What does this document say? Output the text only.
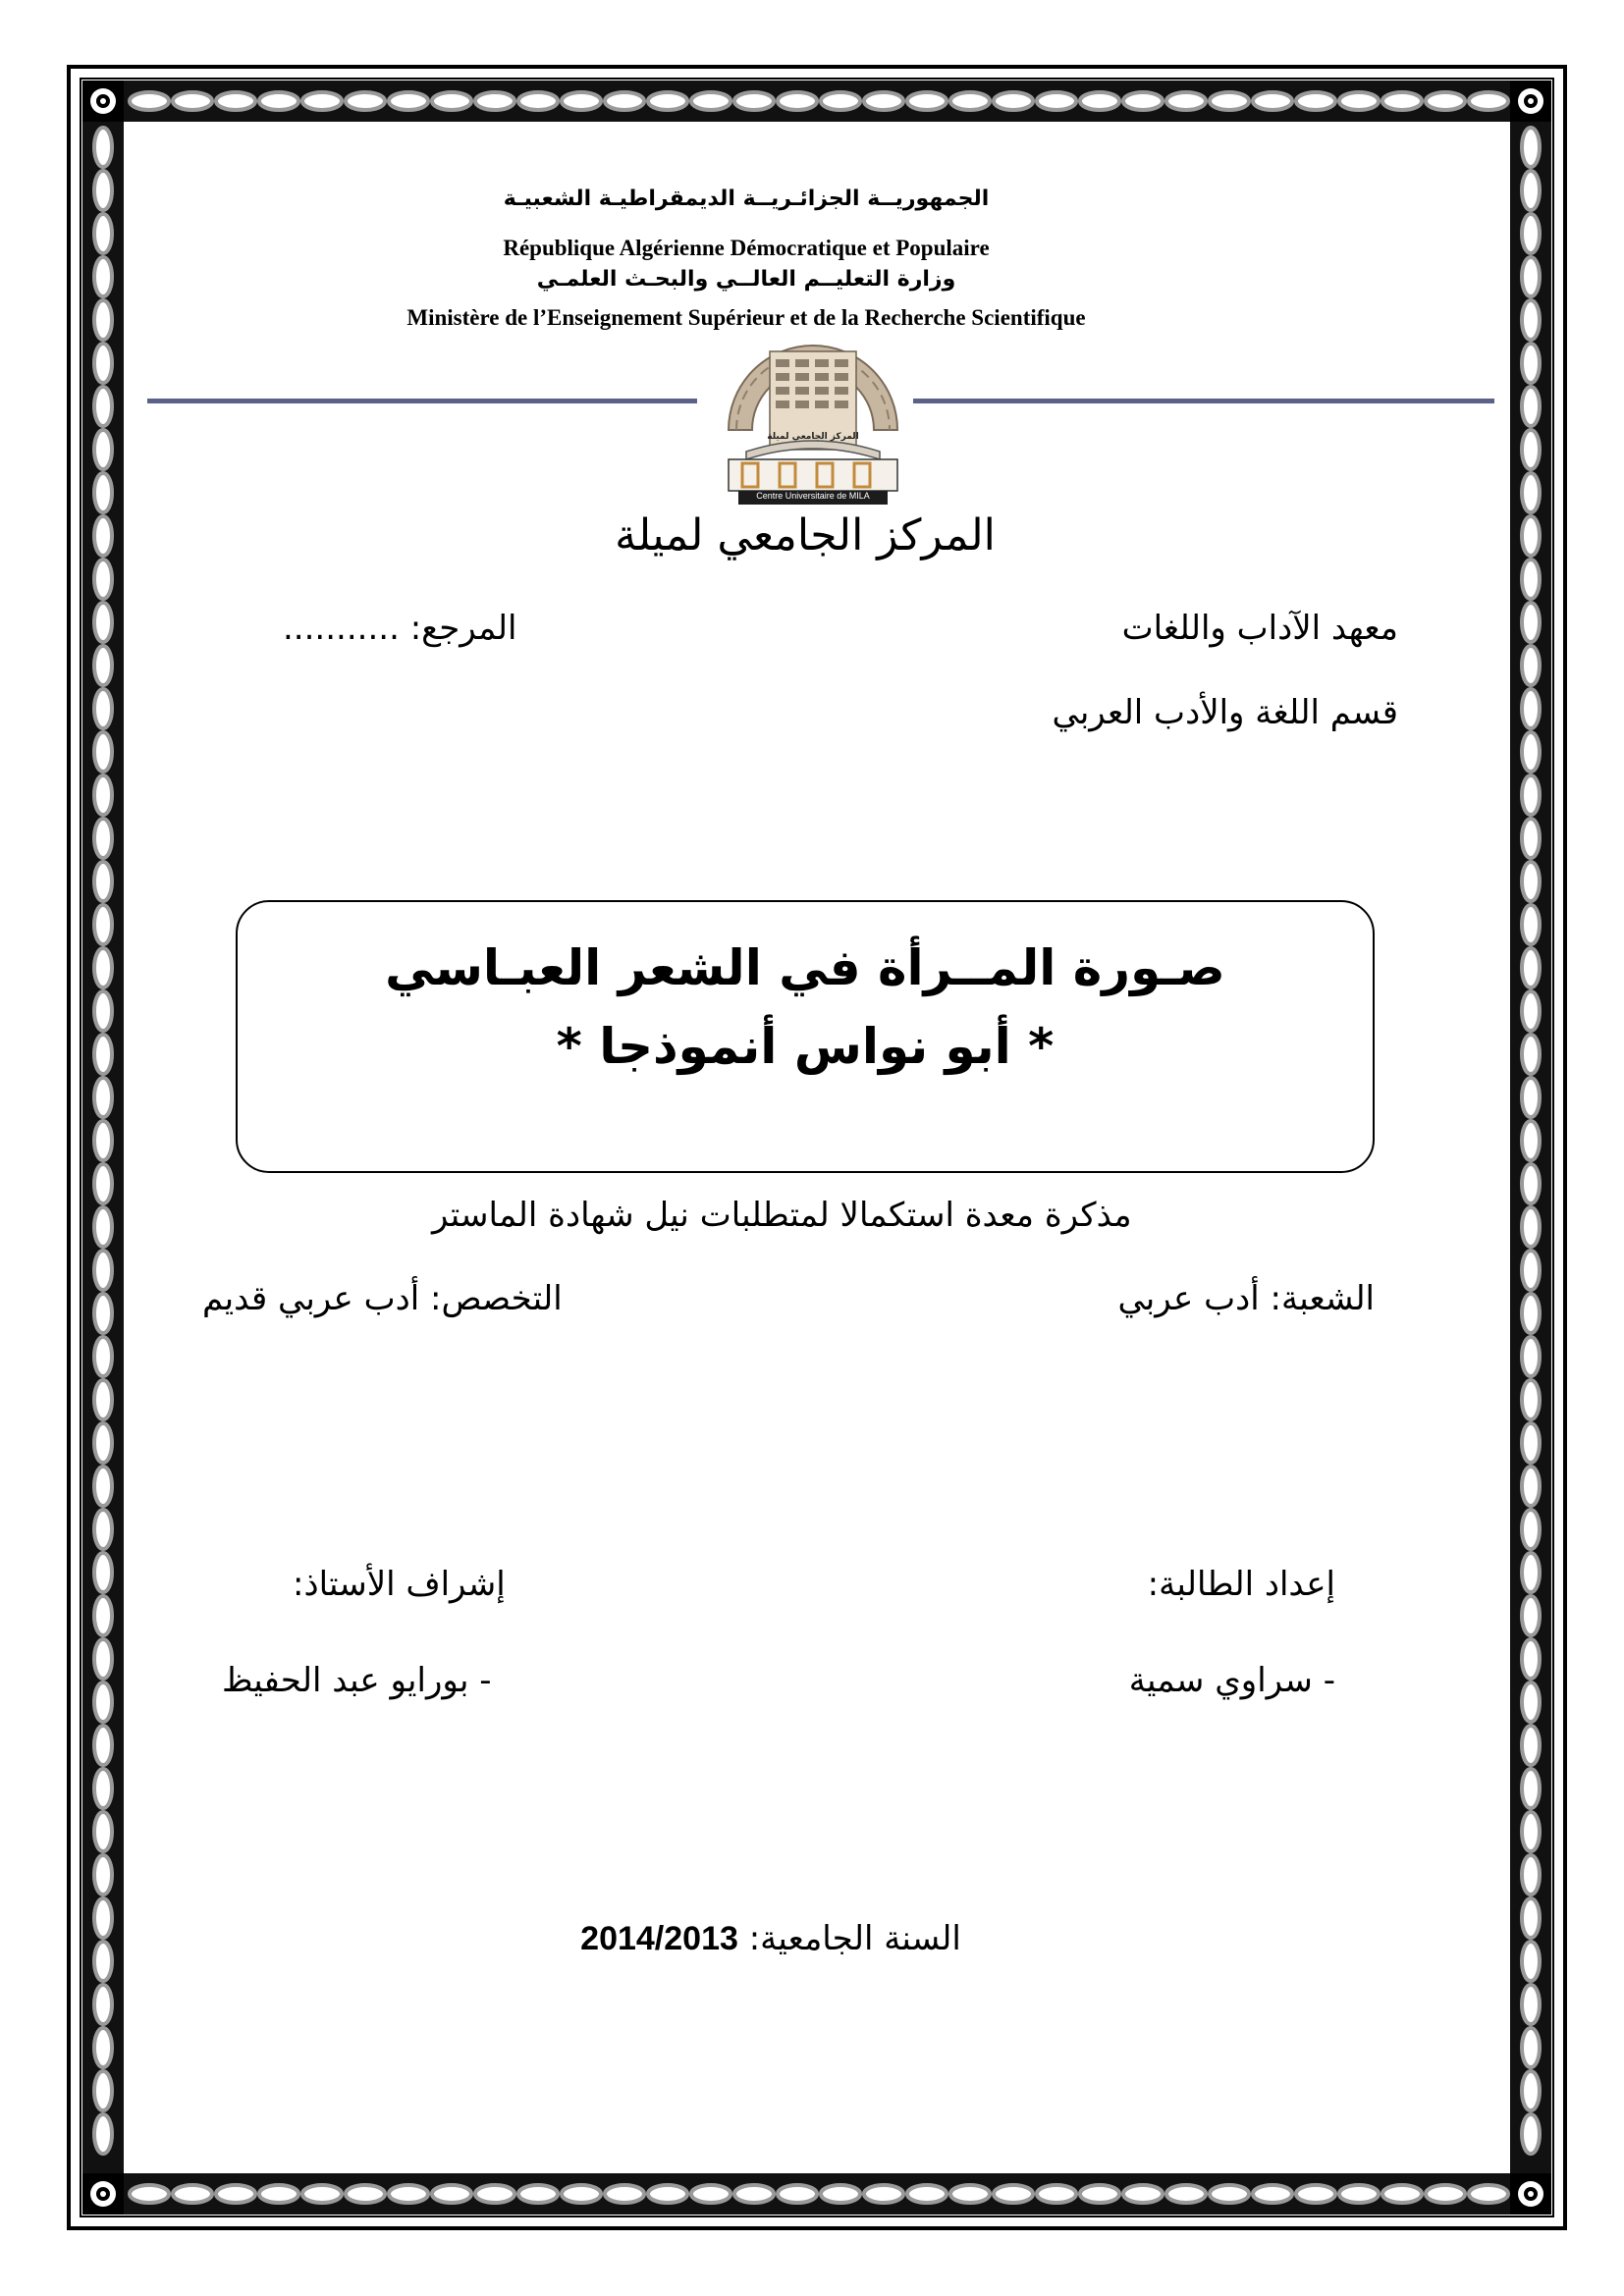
الجمهوريــة الجزائـريــة الديمقراطيـة الشعبيـة
République Algérienne Démocratique et Populaire
وزارة التعليــم العالــي والبحـث العلمـي
Ministère de l’Enseignement Supérieur et de la Recherche Scientifique
المركز الجامعي لميلة
Centre Universitaire de MILA
المركز الجامعي لميلة
معهد الآداب واللغات
المرجع: ...........
قسم اللغة والأدب العربي
صـورة المــرأة في الشعر العبـاسي
* أبو نواس أنموذجا *
مذكرة معدة استكمالا لمتطلبات نيل شهادة الماستر
الشعبة: أدب عربي
التخصص: أدب عربي قديم
إعداد الطالبة:
إشراف الأستاذ:
- سراوي سمية
- بورايو عبد الحفيظ
السنة الجامعية: 2014/2013
